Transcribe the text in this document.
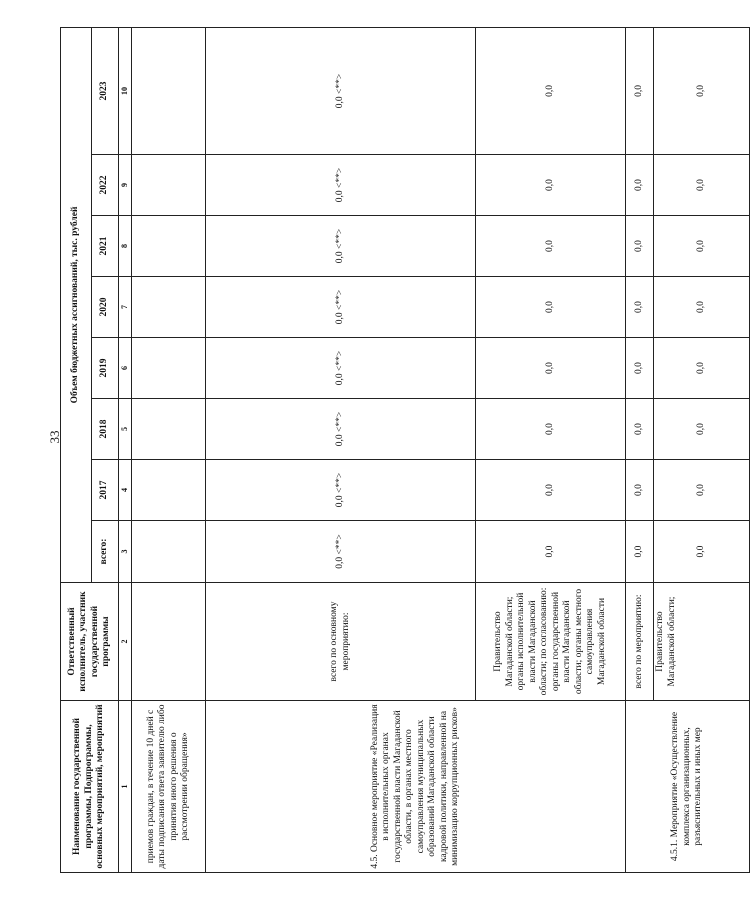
33
Наименование государственной программы, Подпрограммы, основных мероприятий, мероприятий	Ответственный исполнитель, участник государственной программы	Объем бюджетных ассигнований, тыс. рублей							
		всего:	2017	2018	2019	2020	2021	2022	2023
1	2	3	4	5	6	7	8	9	10
приемов граждан, в течение 10 дней с даты подписания ответа заявителю либо принятия иного решения о рассмотрении обращения»									
4.5. Основное мероприятие «Реализация в исполнительных органах государственной власти Магаданской области, в органах местного самоуправления муниципальных образований Магаданской области кадровой политики, направленной на минимизацию коррупционных рисков»	всего по основному мероприятию:	0,0 <**>	0,0 <**>	0,0 <**>	0,0 <**>	0,0 <**>	0,0 <**>	0,0 <**>	0,0 <**>
	Правительство Магаданской области; органы исполнительной власти Магаданской области; по согласованию: органы государственной власти Магаданской области; органы местного самоуправления Магаданской области	0,0	0,0	0,0	0,0	0,0	0,0	0,0	0,0
4.5.1. Мероприятие «Осуществление комплекса организационных, разъяснительных и иных мер	всего по мероприятию:	0,0	0,0	0,0	0,0	0,0	0,0	0,0	0,0
	Правительство Магаданской области;	0,0	0,0	0,0	0,0	0,0	0,0	0,0	0,0
